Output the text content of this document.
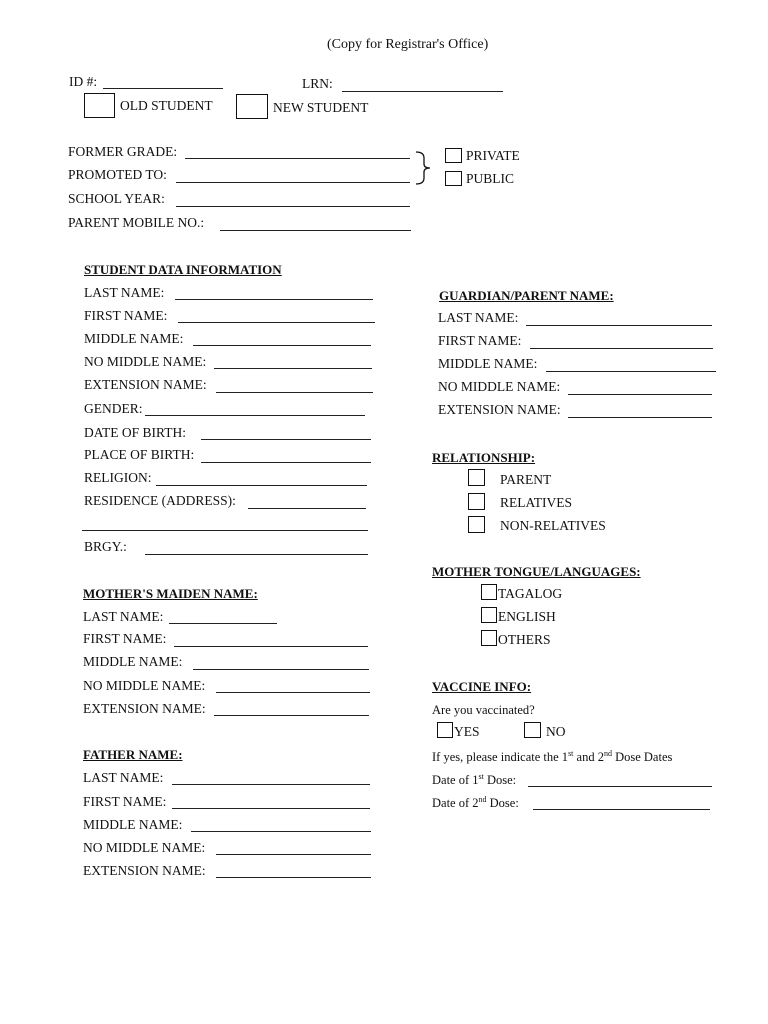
(Copy for Registrar's Office)
ID #:	LRN:
OLD STUDENT	NEW STUDENT
FORMER GRADE:
PROMOTED TO:
SCHOOL YEAR:
PARENT MOBILE NO.:
PRIVATE
PUBLIC
STUDENT DATA INFORMATION
LAST NAME:
FIRST NAME:
MIDDLE NAME:
NO MIDDLE NAME:
EXTENSION NAME:
GENDER:
DATE OF BIRTH:
PLACE OF BIRTH:
RELIGION:
RESIDENCE (ADDRESS):
BRGY.:
MOTHER'S MAIDEN NAME:
LAST NAME:
FIRST NAME:
MIDDLE NAME:
NO MIDDLE NAME:
EXTENSION NAME:
FATHER NAME:
LAST NAME:
FIRST NAME:
MIDDLE NAME:
NO MIDDLE NAME:
EXTENSION NAME:
GUARDIAN/PARENT NAME:
LAST NAME:
FIRST NAME:
MIDDLE NAME:
NO MIDDLE NAME:
EXTENSION NAME:
RELATIONSHIP:
PARENT
RELATIVES
NON-RELATIVES
MOTHER TONGUE/LANGUAGES:
TAGALOG
ENGLISH
OTHERS
VACCINE INFO:
Are you vaccinated?
YES	NO
If yes, please indicate the 1st and 2nd Dose Dates
Date of 1st Dose:
Date of 2nd Dose:
